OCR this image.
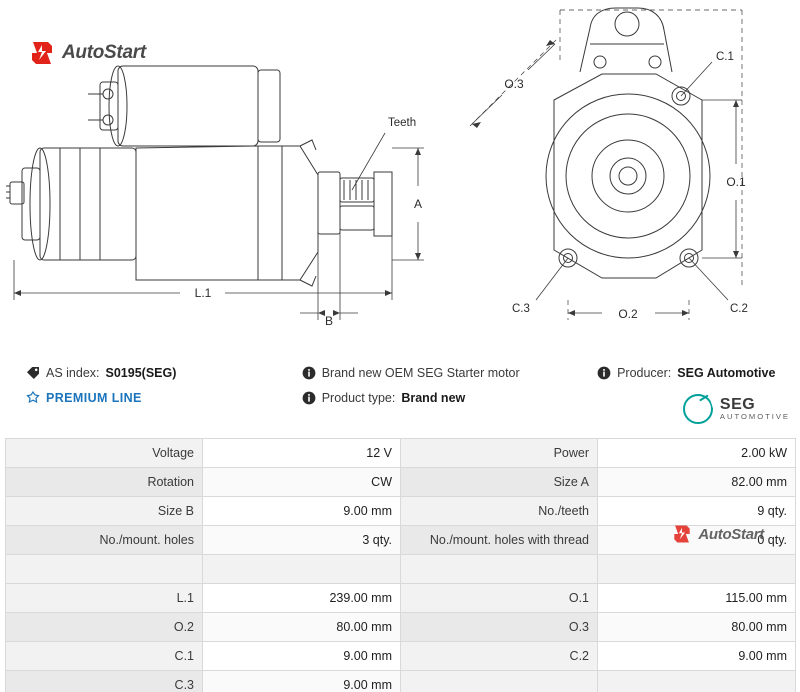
AutoStart
A
L.1
B
Teeth
O.1
O.2
O.3
C.1
C.2
C.3
AS index: S0195(SEG)	Brand new OEM SEG Starter motor	Producer: SEG Automotive
PREMIUM LINE	Product type: Brand new	SEG
AUTOMOTIVE
Voltage	12 V	Power	2.00 kW
Rotation	CW	Size A	82.00 mm
Size B	9.00 mm	No./teeth	9 qty.
No./mount. holes	3 qty.	No./mount. holes with thread	0 qty.

L.1	239.00 mm	O.1	115.00 mm
O.2	80.00 mm	O.3	80.00 mm
C.1	9.00 mm	C.2	9.00 mm
C.3	9.00 mm		
AutoStart
